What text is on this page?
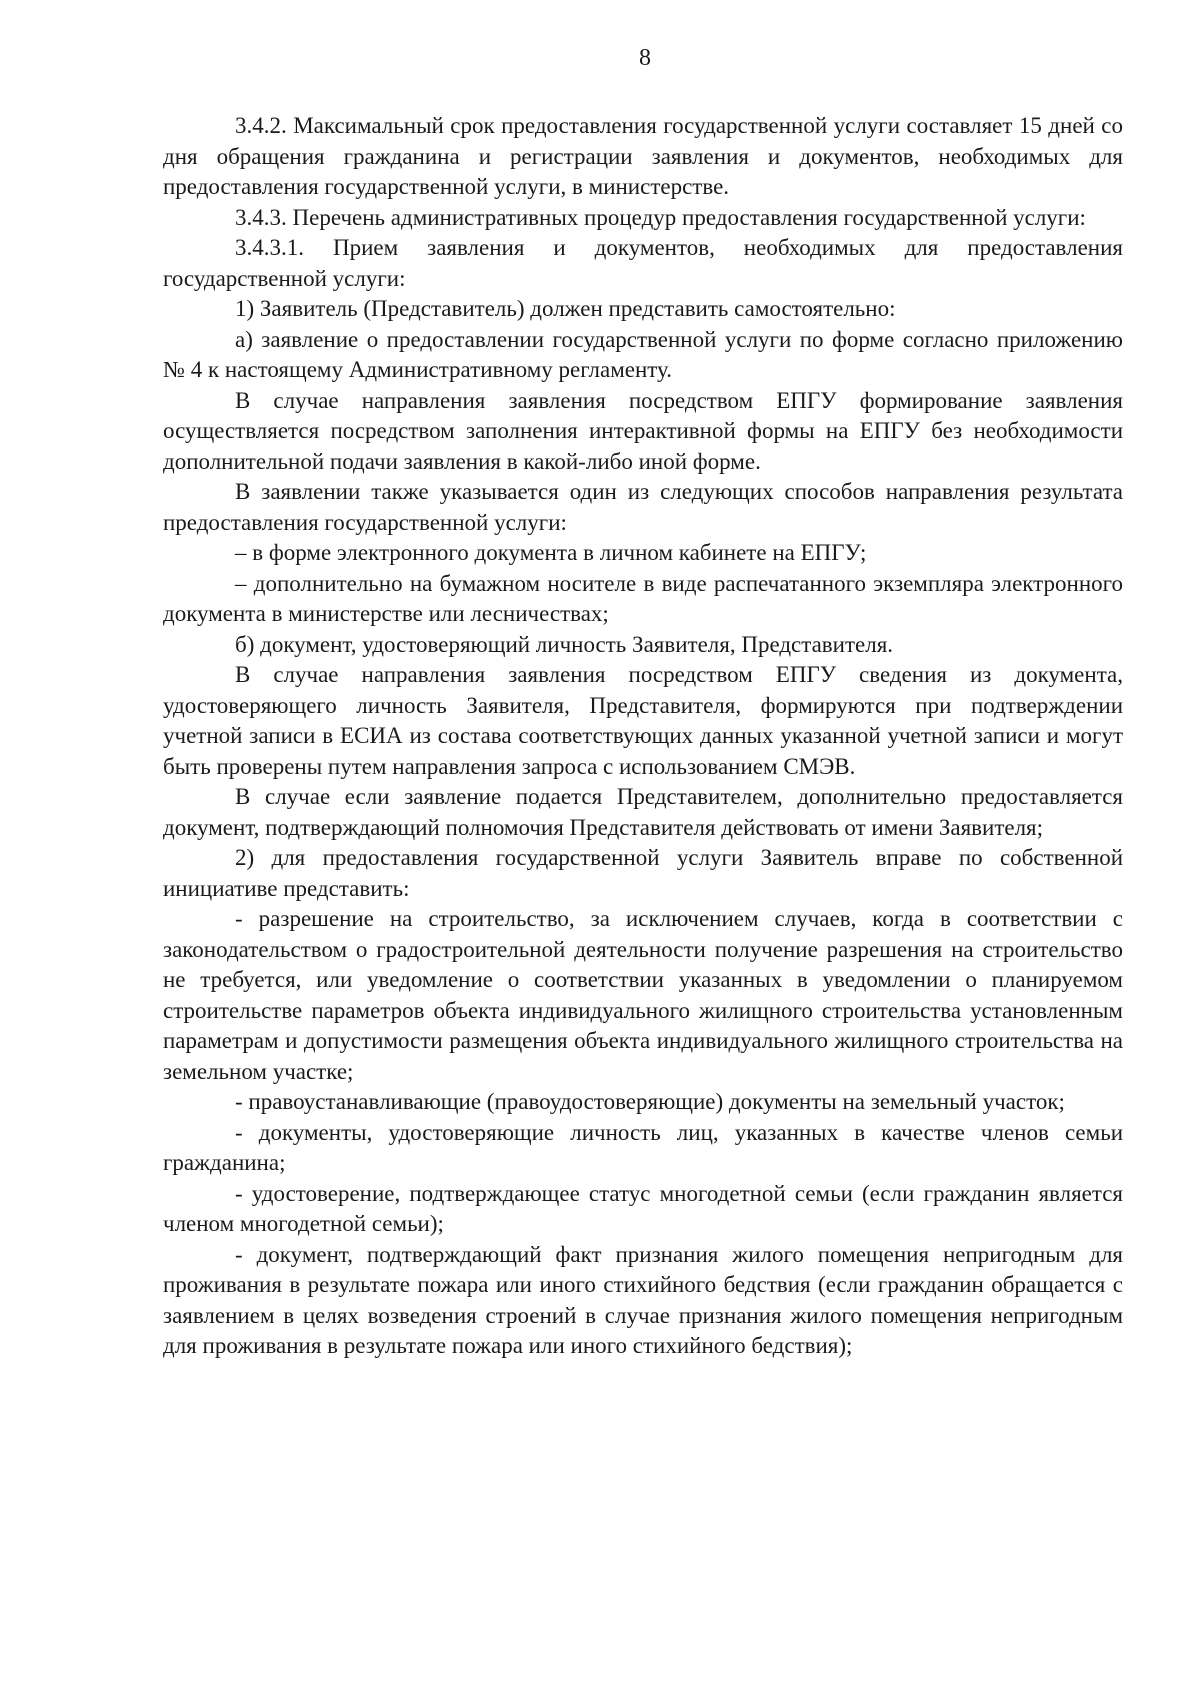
8

3.4.2. Максимальный срок предоставления государственной услуги составляет 15 дней со дня обращения гражданина и регистрации заявления и документов, необходимых для предоставления государственной услуги, в министерстве.

3.4.3. Перечень административных процедур предоставления государственной услуги:

3.4.3.1. Прием заявления и документов, необходимых для предоставления государственной услуги:

1) Заявитель (Представитель) должен представить самостоятельно:

а) заявление о предоставлении государственной услуги по форме согласно приложению № 4 к настоящему Административному регламенту.

В случае направления заявления посредством ЕПГУ формирование заявления осуществляется посредством заполнения интерактивной формы на ЕПГУ без необходимости дополнительной подачи заявления в какой-либо иной форме.

В заявлении также указывается один из следующих способов направления результата предоставления государственной услуги:

– в форме электронного документа в личном кабинете на ЕПГУ;

– дополнительно на бумажном носителе в виде распечатанного экземпляра электронного документа в министерстве или лесничествах;

б) документ, удостоверяющий личность Заявителя, Представителя.

В случае направления заявления посредством ЕПГУ сведения из документа, удостоверяющего личность Заявителя, Представителя, формируются при подтверждении учетной записи в ЕСИА из состава соответствующих данных указанной учетной записи и могут быть проверены путем направления запроса с использованием СМЭВ.

В случае если заявление подается Представителем, дополнительно предоставляется документ, подтверждающий полномочия Представителя действовать от имени Заявителя;

2) для предоставления государственной услуги Заявитель вправе по собственной инициативе представить:

- разрешение на строительство, за исключением случаев, когда в соответствии с законодательством о градостроительной деятельности получение разрешения на строительство не требуется, или уведомление о соответствии указанных в уведомлении о планируемом строительстве параметров объекта индивидуального жилищного строительства установленным параметрам и допустимости размещения объекта индивидуального жилищного строительства на земельном участке;

- правоустанавливающие (правоудостоверяющие) документы на земельный участок;

- документы, удостоверяющие личность лиц, указанных в качестве членов семьи гражданина;

- удостоверение, подтверждающее статус многодетной семьи (если гражданин является членом многодетной семьи);

- документ, подтверждающий факт признания жилого помещения непригодным для проживания в результате пожара или иного стихийного бедствия (если гражданин обращается с заявлением в целях возведения строений в случае признания жилого помещения непригодным для проживания в результате пожара или иного стихийного бедствия);
